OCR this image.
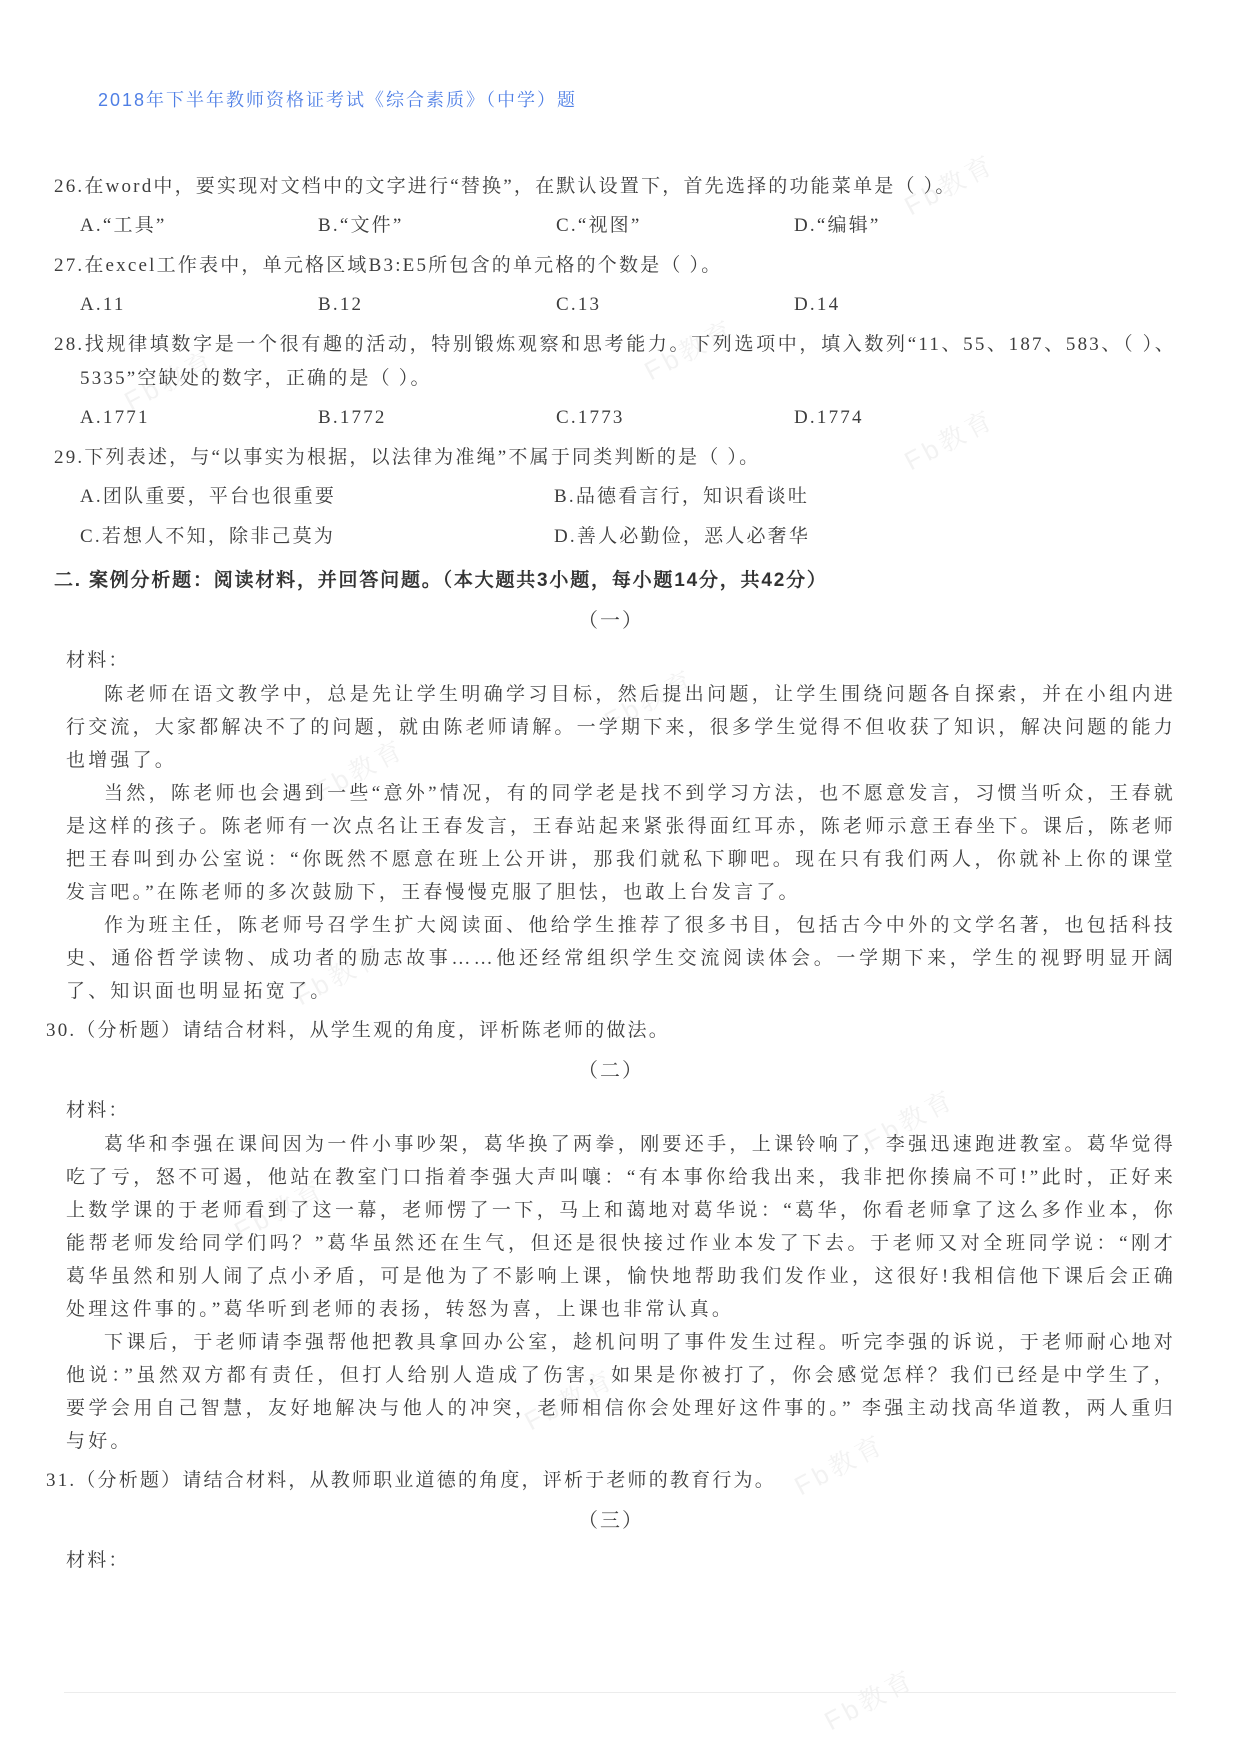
2018年下半年教师资格证考试《综合素质》（中学）题
26.在word中，要实现对文档中的文字进行“替换”，在默认设置下，首先选择的功能菜单是（ ）。
A.“工具”	B.“文件”	C.“视图”	D.“编辑”
27.在excel工作表中，单元格区域B3:E5所包含的单元格的个数是（ ）。
A.11	B.12	C.13	D.14
28.找规律填数字是一个很有趣的活动，特别锻炼观察和思考能力。下列选项中，填入数列“11、55、187、583、（ ）、5335”空缺处的数字，正确的是（ ）。
A.1771	B.1772	C.1773	D.1774
29.下列表述，与“以事实为根据，以法律为准绳”不属于同类判断的是（ ）。
A.团队重要，平台也很重要	B.品德看言行，知识看谈吐
C.若想人不知，除非己莫为	D.善人必勤俭，恶人必奢华
二. 案例分析题：阅读材料，并回答问题。（本大题共3小题，每小题14分，共42分）
（一）
材料：

陈老师在语文教学中，总是先让学生明确学习目标，然后提出问题，让学生围绕问题各自探索，并在小组内进行交流，大家都解决不了的问题，就由陈老师请解。一学期下来，很多学生觉得不但收获了知识，解决问题的能力也增强了。

当然，陈老师也会遇到一些“意外”情况，有的同学老是找不到学习方法，也不愿意发言，习惯当听众，王春就是这样的孩子。陈老师有一次点名让王春发言，王春站起来紧张得面红耳赤，陈老师示意王春坐下。课后，陈老师把王春叫到办公室说：“你既然不愿意在班上公开讲，那我们就私下聊吧。现在只有我们两人，你就补上你的课堂发言吧。”在陈老师的多次鼓励下，王春慢慢克服了胆怯，也敢上台发言了。

作为班主任，陈老师号召学生扩大阅读面、他给学生推荐了很多书目，包括古今中外的文学名著，也包括科技史、通俗哲学读物、成功者的励志故事……他还经常组织学生交流阅读体会。一学期下来，学生的视野明显开阔了、知识面也明显拓宽了。

30.（分析题）请结合材料，从学生观的角度，评析陈老师的做法。
（二）
材料：

葛华和李强在课间因为一件小事吵架，葛华换了两拳，刚要还手，上课铃响了，李强迅速跑进教室。葛华觉得吃了亏，怒不可遏，他站在教室门口指着李强大声叫嚷：“有本事你给我出来，我非把你揍扁不可!”此时，正好来上数学课的于老师看到了这一幕，老师愣了一下，马上和蔼地对葛华说：“葛华，你看老师拿了这么多作业本，你能帮老师发给同学们吗？”葛华虽然还在生气，但还是很快接过作业本发了下去。于老师又对全班同学说：“刚才葛华虽然和别人闹了点小矛盾，可是他为了不影响上课，愉快地帮助我们发作业，这很好!我相信他下课后会正确处理这件事的。”葛华听到老师的表扬，转怒为喜，上课也非常认真。

下课后，于老师请李强帮他把教具拿回办公室，趁机问明了事件发生过程。听完李强的诉说，于老师耐心地对他说：”虽然双方都有责任，但打人给别人造成了伤害，如果是你被打了，你会感觉怎样？我们已经是中学生了，要学会用自己智慧，友好地解决与他人的冲突，老师相信你会处理好这件事的。” 李强主动找高华道教，两人重归与好。

31.（分析题）请结合材料，从教师职业道德的角度，评析于老师的教育行为。
（三）
材料：
Fb教育
Fb教育
Fb教育
Fb教育
Fb教育
Fb教育
Fb教育
Fb教育
Fb教育
Fb教育
Fb教育
Fb教育
